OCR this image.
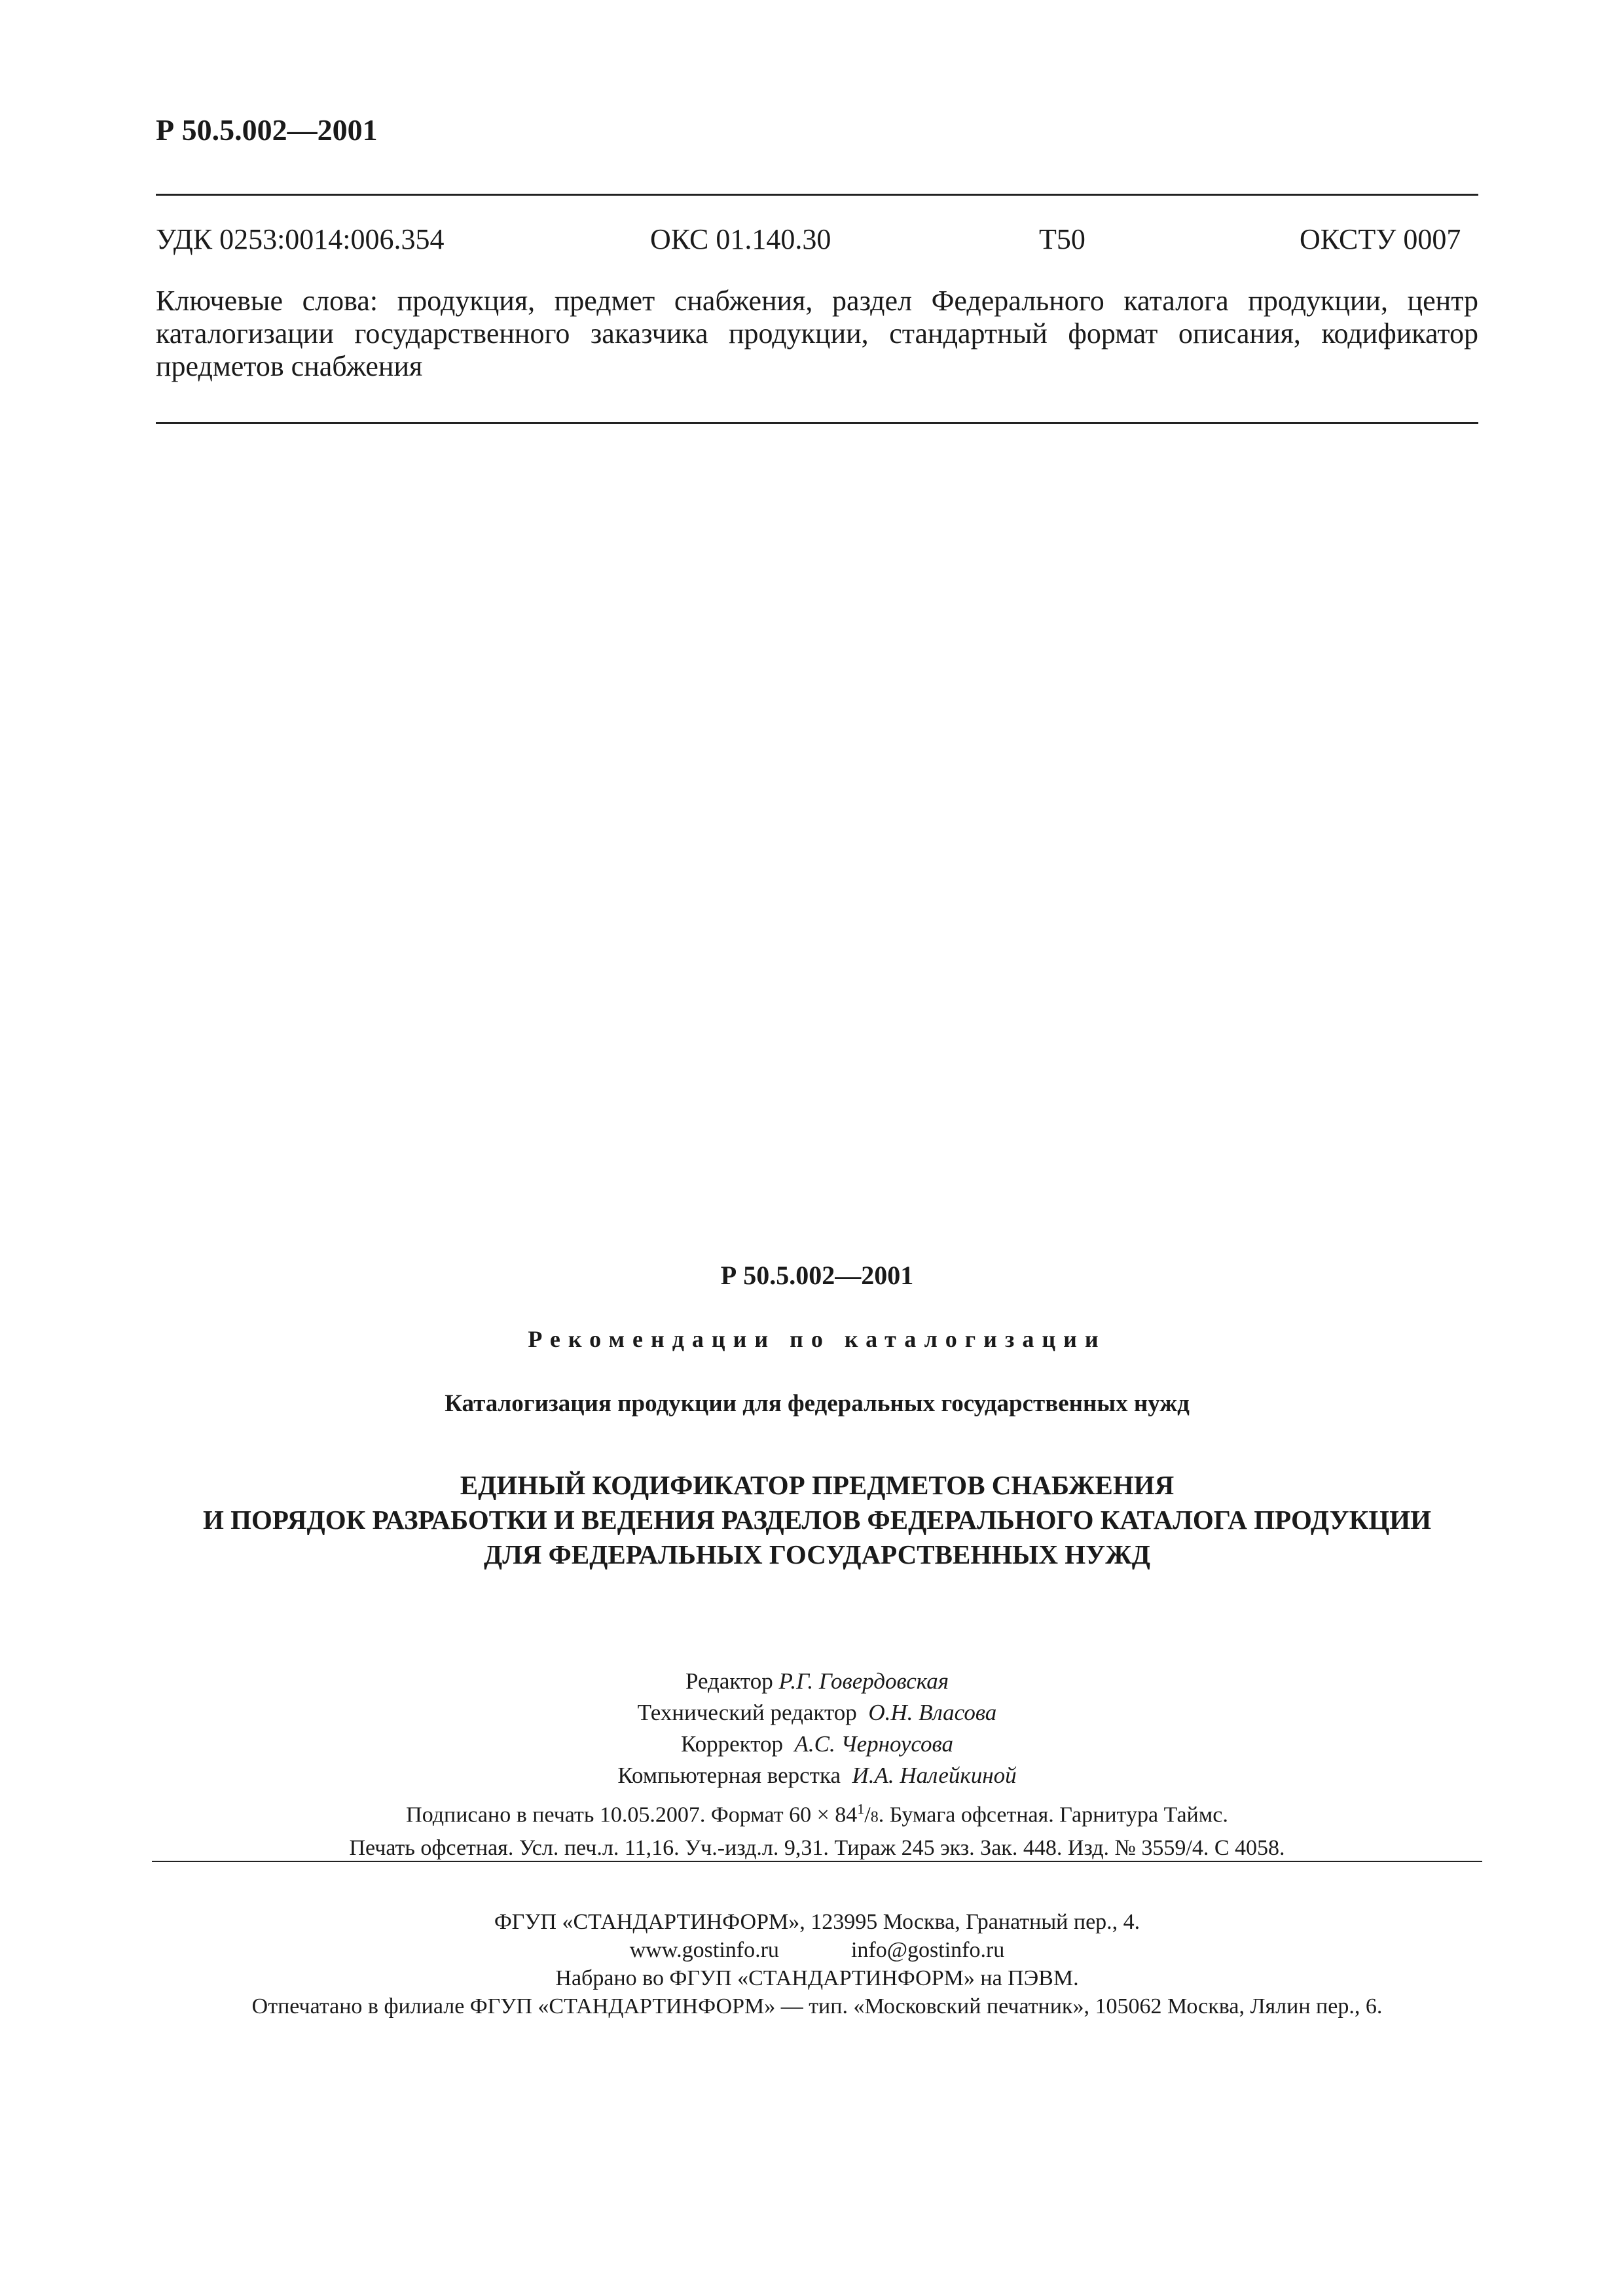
Р 50.5.002—2001
УДК 0253:0014:006.354	ОКС 01.140.30	Т50	ОКСТУ 0007
Ключевые слова: продукция, предмет снабжения, раздел Федерального каталога продукции, центр каталогизации государственного заказчика продукции, стандартный формат описания, кодификатор предметов снабжения
Р 50.5.002—2001
Рекомендации по каталогизации
Каталогизация продукции для федеральных государственных нужд
ЕДИНЫЙ КОДИФИКАТОР ПРЕДМЕТОВ СНАБЖЕНИЯ
И ПОРЯДОК РАЗРАБОТКИ И ВЕДЕНИЯ РАЗДЕЛОВ ФЕДЕРАЛЬНОГО КАТАЛОГА ПРОДУКЦИИ
ДЛЯ ФЕДЕРАЛЬНЫХ ГОСУДАРСТВЕННЫХ НУЖД
Редактор Р.Г. Говердовская
Технический редактор О.Н. Власова
Корректор А.С. Черноусова
Компьютерная верстка И.А. Налейкиной
Подписано в печать 10.05.2007. Формат $60 \times 84^1/8$. Бумага офсетная. Гарнитура Таймс.
Печать офсетная. Усл. печ.л. 11,16. Уч.-изд.л. 9,31. Тираж 245 экз. Зак. 448. Изд. № 3559/4. С 4058.
ФГУП «СТАНДАРТИНФОРМ», 123995 Москва, Гранатный пер., 4.
www.gostinfo.ru	info@gostinfo.ru
Набрано во ФГУП «СТАНДАРТИНФОРМ» на ПЭВМ.
Отпечатано в филиале ФГУП «СТАНДАРТИНФОРМ» — тип. «Московский печатник», 105062 Москва, Лялин пер., 6.
